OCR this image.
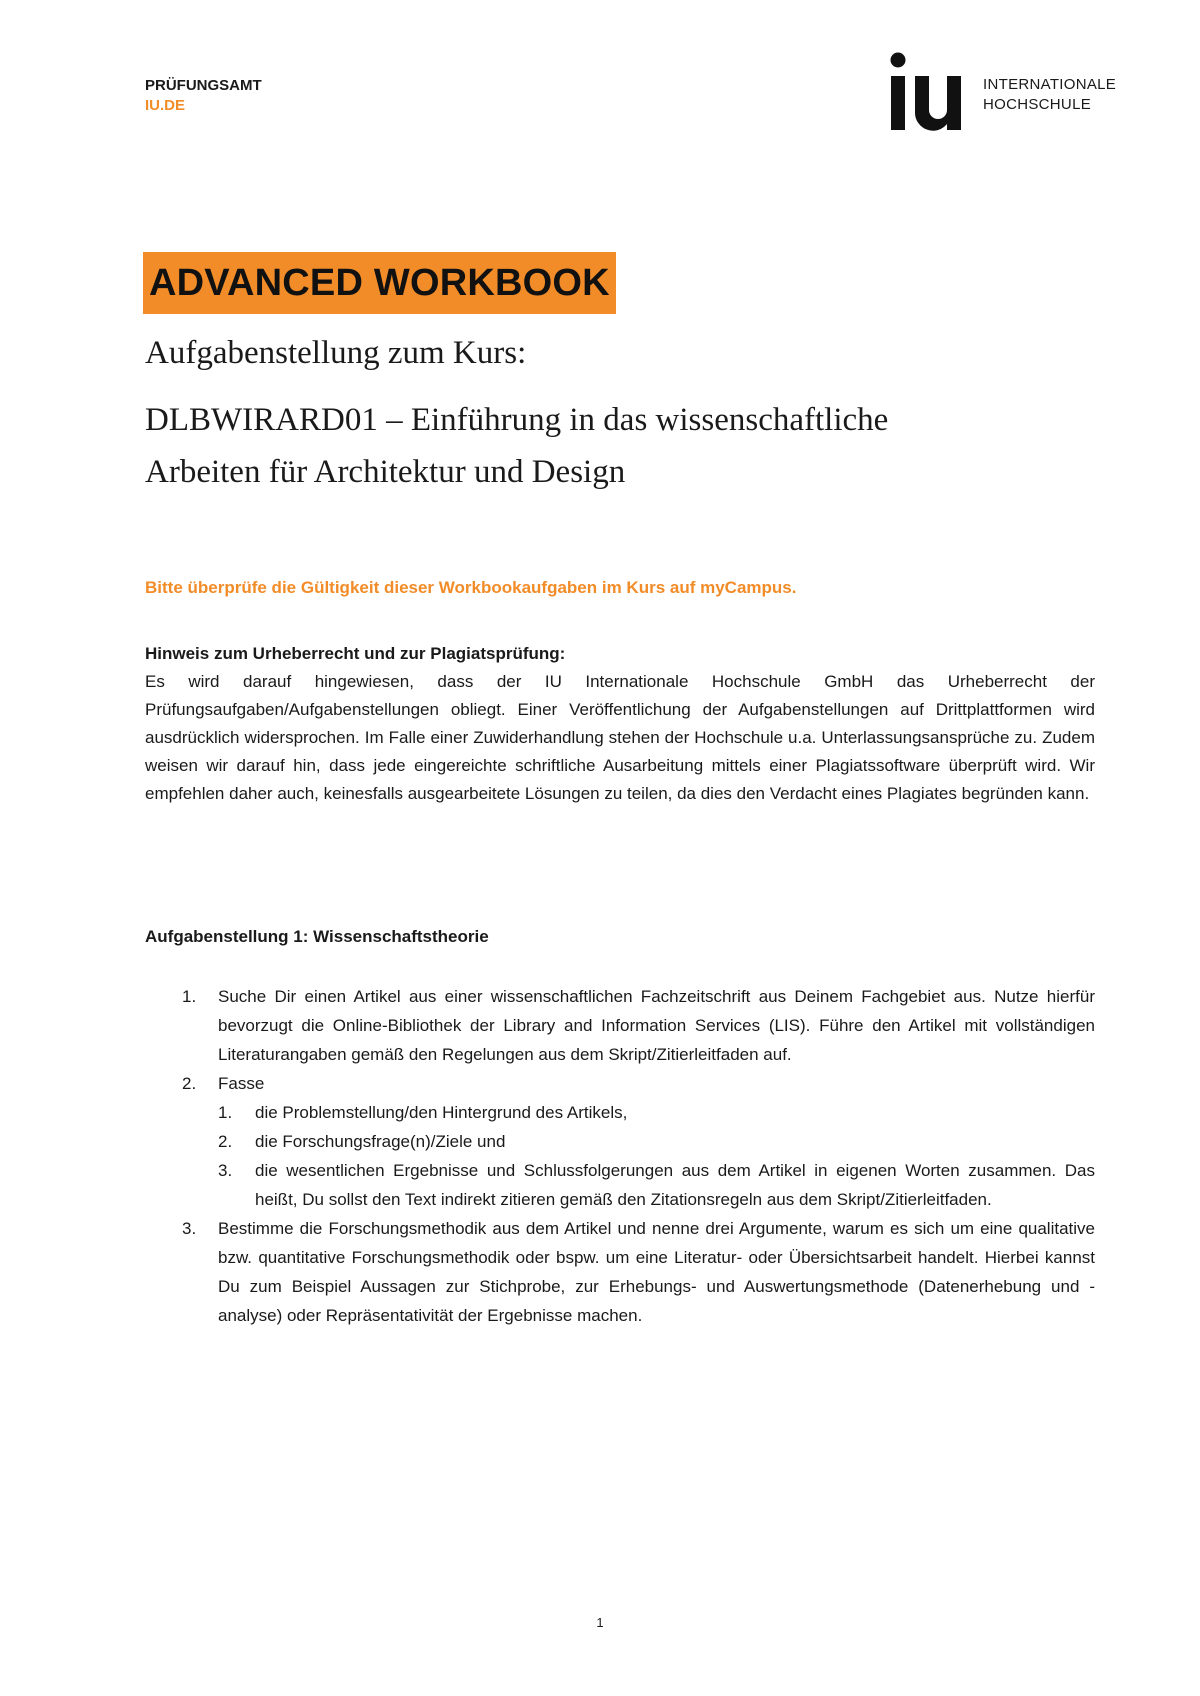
PRÜFUNGSAMT
IU.DE
INTERNATIONALE
HOCHSCHULE
ADVANCED WORKBOOK
Aufgabenstellung zum Kurs:
DLBWIRARD01 – Einführung in das wissenschaftliche
Arbeiten für Architektur und Design
Bitte überprüfe die Gültigkeit dieser Workbookaufgaben im Kurs auf myCampus.
Hinweis zum Urheberrecht und zur Plagiatsprüfung:
Es wird darauf hingewiesen, dass der IU Internationale Hochschule GmbH das Urheberrecht der Prüfungsaufgaben/Aufgabenstellungen obliegt. Einer Veröffentlichung der Aufgabenstellungen auf Drittplattformen wird ausdrücklich widersprochen. Im Falle einer Zuwiderhandlung stehen der Hochschule u.a. Unterlassungsansprüche zu. Zudem weisen wir darauf hin, dass jede eingereichte schriftliche Ausarbeitung mittels einer Plagiatssoftware überprüft wird. Wir empfehlen daher auch, keinesfalls ausgearbeitete Lösungen zu teilen, da dies den Verdacht eines Plagiates begründen kann.
Aufgabenstellung 1: Wissenschaftstheorie
1.	Suche Dir einen Artikel aus einer wissenschaftlichen Fachzeitschrift aus Deinem Fachgebiet aus. Nutze hierfür bevorzugt die Online-Bibliothek der Library and Information Services (LIS). Führe den Artikel mit vollständigen Literaturangaben gemäß den Regelungen aus dem Skript/Zitierleitfaden auf.
2.	Fasse
1.	die Problemstellung/den Hintergrund des Artikels,
2.	die Forschungsfrage(n)/Ziele und
3.	die wesentlichen Ergebnisse und Schlussfolgerungen aus dem Artikel in eigenen Worten zusammen. Das heißt, Du sollst den Text indirekt zitieren gemäß den Zitationsregeln aus dem Skript/Zitierleitfaden.
3.	Bestimme die Forschungsmethodik aus dem Artikel und nenne drei Argumente, warum es sich um eine qualitative bzw. quantitative Forschungsmethodik oder bspw. um eine Literatur- oder Übersichtsarbeit handelt. Hierbei kannst Du zum Beispiel Aussagen zur Stichprobe, zur Erhebungs- und Auswertungsmethode (Datenerhebung und -analyse) oder Repräsentativität der Ergebnisse machen.
1
